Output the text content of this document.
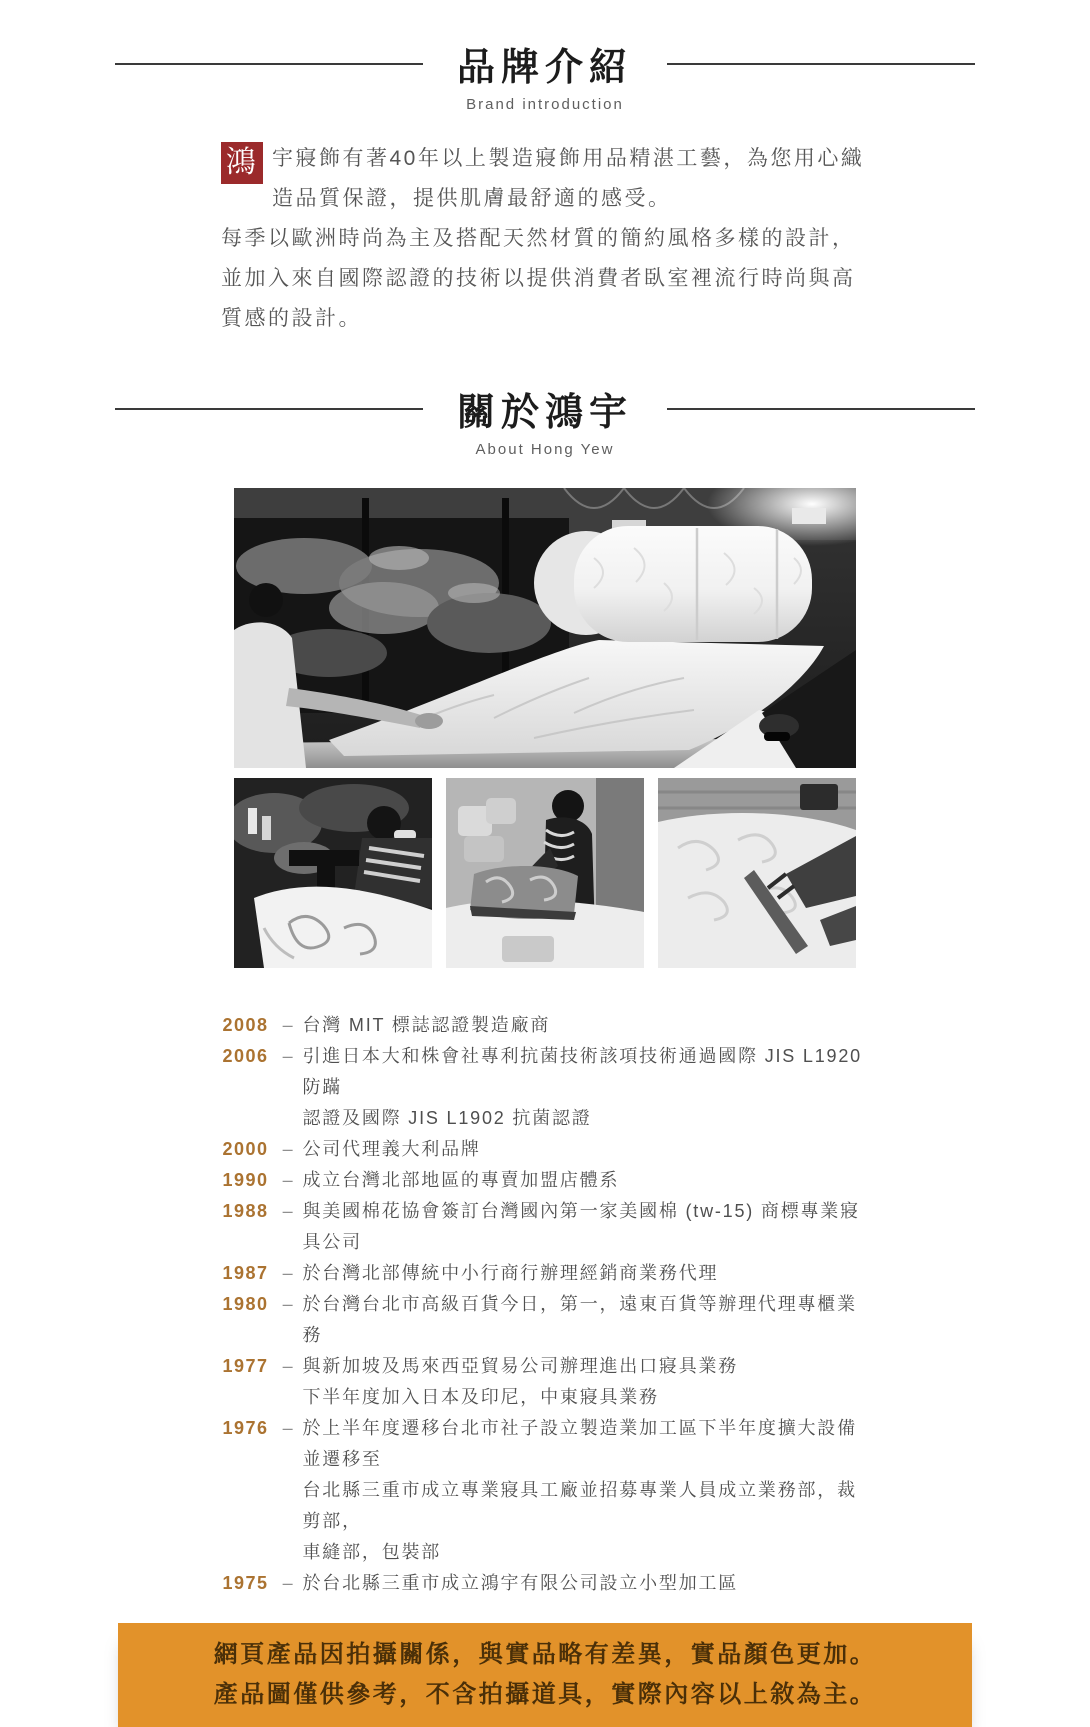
品牌介紹
Brand introduction
鴻 宇寢飾有著40年以上製造寢飾用品精湛工藝，為您用心織造品質保證，提供肌膚最舒適的感受。

每季以歐洲時尚為主及搭配天然材質的簡約風格多樣的設計，並加入來自國際認證的技術以提供消費者臥室裡流行時尚與高質感的設計。

關於鴻宇
About Hong Yew
2008 – 台灣 MIT 標誌認證製造廠商
2006 – 引進日本大和株會社專利抗菌技術該項技術通過國際 JIS L1920 防蹣
認證及國際 JIS L1902 抗菌認證
2000 – 公司代理義大利品牌
1990 – 成立台灣北部地區的專賣加盟店體系
1988 – 與美國棉花協會簽訂台灣國內第一家美國棉 (tw-15) 商標專業寢具公司
1987 – 於台灣北部傳統中小行商行辦理經銷商業務代理
1980 – 於台灣台北市高級百貨今日，第一，遠東百貨等辦理代理專櫃業務
1977 – 與新加坡及馬來西亞貿易公司辦理進出口寢具業務
下半年度加入日本及印尼，中東寢具業務
1976 – 於上半年度遷移台北市社子設立製造業加工區下半年度擴大設備並遷移至
台北縣三重市成立專業寢具工廠並招募專業人員成立業務部，裁剪部，
車縫部，包裝部
1975 – 於台北縣三重市成立鴻宇有限公司設立小型加工區
網頁產品因拍攝關係，與實品略有差異，實品顏色更加。
產品圖僅供參考，不含拍攝道具，實際內容以上敘為主。
